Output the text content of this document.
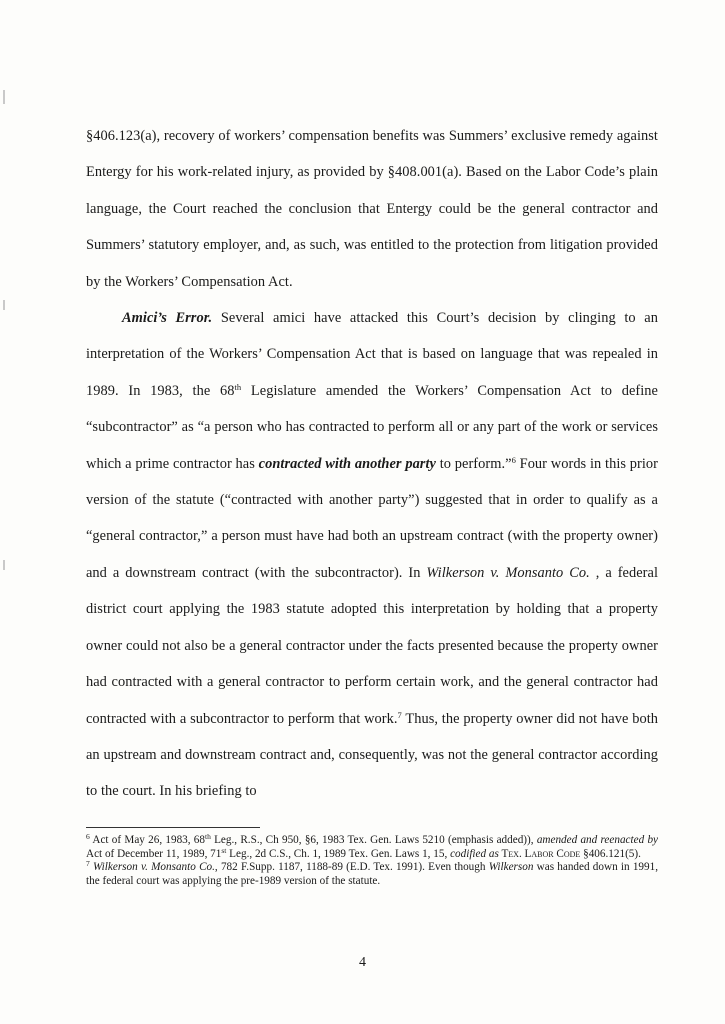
§406.123(a), recovery of workers’ compensation benefits was Summers’ exclusive remedy against Entergy for his work-related injury, as provided by §408.001(a). Based on the Labor Code’s plain language, the Court reached the conclusion that Entergy could be the general contractor and Summers’ statutory employer, and, as such, was entitled to the protection from litigation provided by the Workers’ Compensation Act.

Amici’s Error. Several amici have attacked this Court’s decision by clinging to an interpretation of the Workers’ Compensation Act that is based on language that was repealed in 1989. In 1983, the 68th Legislature amended the Workers’ Compensation Act to define “subcontractor” as “a person who has contracted to perform all or any part of the work or services which a prime contractor has contracted with another party to perform.”$^6$ Four words in this prior version of the statute (“contracted with another party”) suggested that in order to qualify as a “general contractor,” a person must have had both an upstream contract (with the property owner) and a downstream contract (with the subcontractor). In Wilkerson v. Monsanto Co. , a federal district court applying the 1983 statute adopted this interpretation by holding that a property owner could not also be a general contractor under the facts presented because the property owner had contracted with a general contractor to perform certain work, and the general contractor had contracted with a subcontractor to perform that work.$^7$ Thus, the property owner did not have both an upstream and downstream contract and, consequently, was not the general contractor according to the court. In his briefing to

$^6$ Act of May 26, 1983, 68th Leg., R.S., Ch 950, §6, 1983 Tex. Gen. Laws 5210 (emphasis added)), amended and reenacted by Act of December 11, 1989, 71st Leg., 2d C.S., Ch. 1, 1989 Tex. Gen. Laws 1, 15, codified as Tex. Labor Code §406.121(5).

$^7$ Wilkerson v. Monsanto Co., 782 F.Supp. 1187, 1188-89 (E.D. Tex. 1991). Even though Wilkerson was handed down in 1991, the federal court was applying the pre-1989 version of the statute.

4
